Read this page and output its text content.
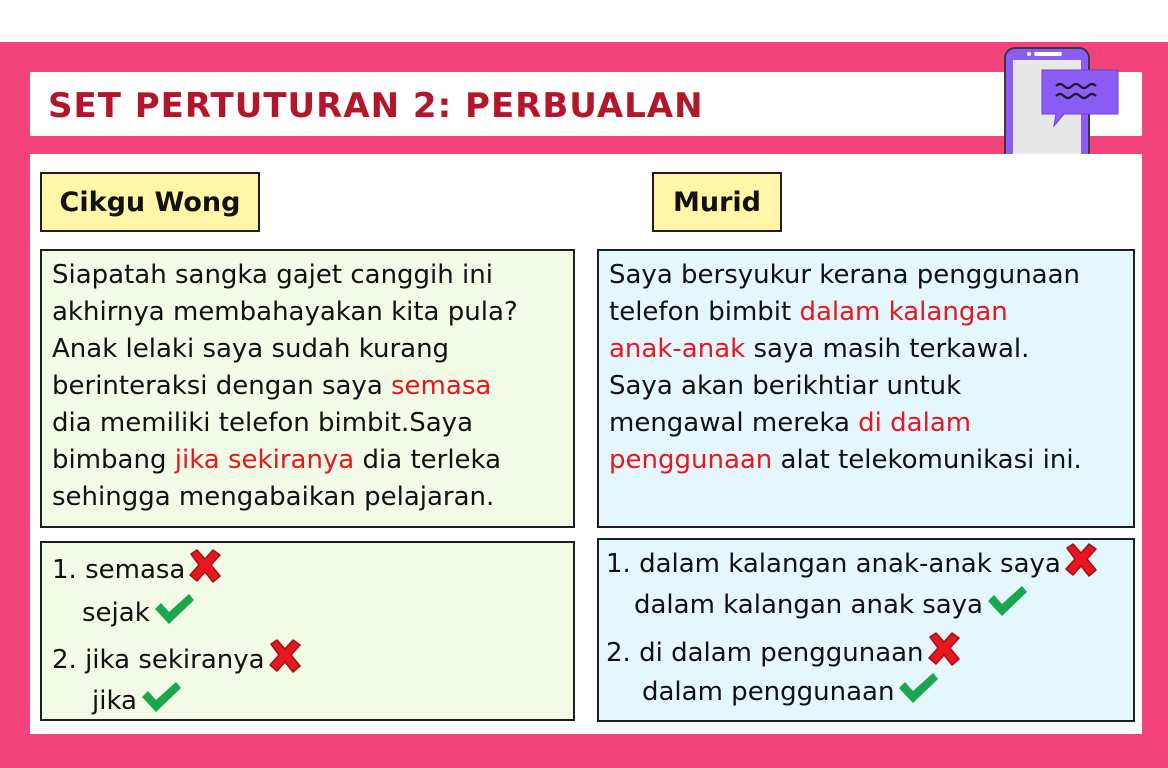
SET PERTUTURAN 2: PERBUALAN
Cikgu Wong	Murid

Siapatah sangka gajet canggih ini
akhirnya membahayakan kita pula?
Anak lelaki saya sudah kurang
berinteraksi dengan saya semasa
dia memiliki telefon bimbit.Saya
bimbang jika sekiranya dia terleka
sehingga mengabaikan pelajaran.

Saya bersyukur kerana penggunaan
telefon bimbit dalam kalangan
anak-anak saya masih terkawal.
Saya akan berikhtiar untuk
mengawal mereka di dalam
penggunaan alat telekomunikasi ini.

1. semasa
sejak
2. jika sekiranya
jika
1. dalam kalangan anak-anak saya
dalam kalangan anak saya
2. di dalam penggunaan
dalam penggunaan
